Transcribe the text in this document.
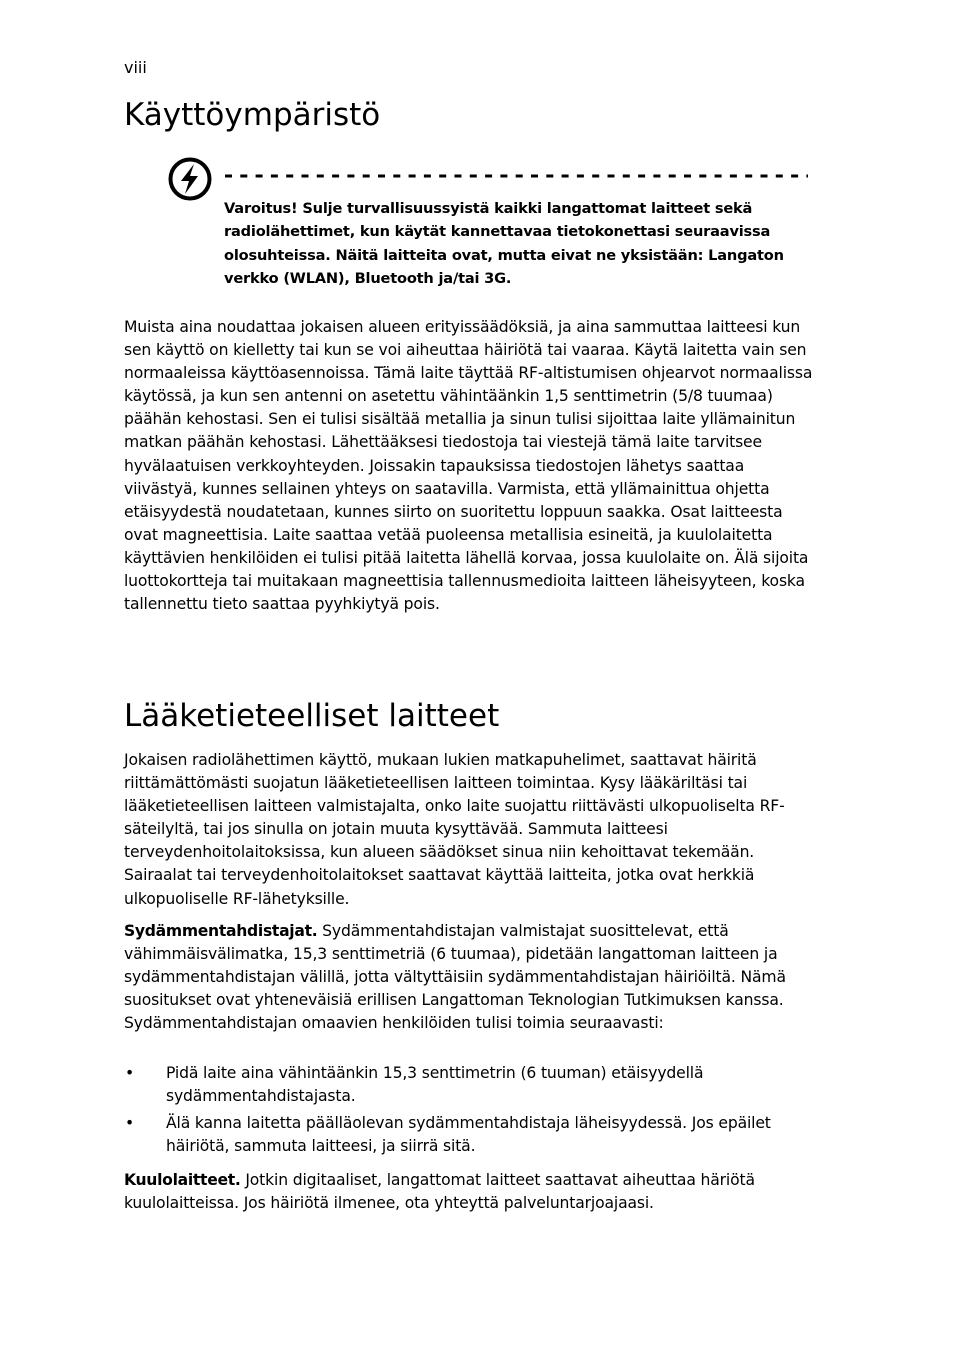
viii
Käyttöympäristö
Varoitus! Sulje turvallisuussyistä kaikki langattomat laitteet sekä radiolähettimet, kun käytät kannettavaa tietokonettasi seuraavissa olosuhteissa. Näitä laitteita ovat, mutta eivat ne yksistään: Langaton verkko (WLAN), Bluetooth ja/tai 3G.

Muista aina noudattaa jokaisen alueen erityissäädöksiä, ja aina sammuttaa laitteesi kun sen käyttö on kielletty tai kun se voi aiheuttaa häiriötä tai vaaraa. Käytä laitetta vain sen normaaleissa käyttöasennoissa. Tämä laite täyttää RF-altistumisen ohjearvot normaalissa käytössä, ja kun sen antenni on asetettu vähintäänkin 1,5 senttimetrin (5/8 tuumaa) päähän kehostasi. Sen ei tulisi sisältää metallia ja sinun tulisi sijoittaa laite yllämainitun matkan päähän kehostasi. Lähettääksesi tiedostoja tai viestejä tämä laite tarvitsee hyvälaatuisen verkkoyhteyden. Joissakin tapauksissa tiedostojen lähetys saattaa viivästyä, kunnes sellainen yhteys on saatavilla. Varmista, että yllämainittua ohjetta etäisyydestä noudatetaan, kunnes siirto on suoritettu loppuun saakka. Osat laitteesta ovat magneettisia. Laite saattaa vetää puoleensa metallisia esineitä, ja kuulolaitetta käyttävien henkilöiden ei tulisi pitää laitetta lähellä korvaa, jossa kuulolaite on. Älä sijoita luottokortteja tai muitakaan magneettisia tallennusmedioita laitteen läheisyyteen, koska tallennettu tieto saattaa pyyhkiytyä pois.

Lääketieteelliset laitteet

Jokaisen radiolähettimen käyttö, mukaan lukien matkapuhelimet, saattavat häiritä riittämättömästi suojatun lääketieteellisen laitteen toimintaa. Kysy lääkäriltäsi tai lääketieteellisen laitteen valmistajalta, onko laite suojattu riittävästi ulkopuoliselta RF-säteilyltä, tai jos sinulla on jotain muuta kysyttävää. Sammuta laitteesi terveydenhoitolaitoksissa, kun alueen säädökset sinua niin kehoittavat tekemään. Sairaalat tai terveydenhoitolaitokset saattavat käyttää laitteita, jotka ovat herkkiä ulkopuoliselle RF-lähetyksille.

Sydämmentahdistajat. Sydämmentahdistajan valmistajat suosittelevat, että vähimmäisvälimatka, 15,3 senttimetriä (6 tuumaa), pidetään langattoman laitteen ja sydämmentahdistajan välillä, jotta vältyttäisiin sydämmentahdistajan häiriöiltä. Nämä suositukset ovat yhteneväisiä erillisen Langattoman Teknologian Tutkimuksen kanssa. Sydämmentahdistajan omaavien henkilöiden tulisi toimia seuraavasti:

• Pidä laite aina vähintäänkin 15,3 senttimetrin (6 tuuman) etäisyydellä sydämmentahdistajasta.
• Älä kanna laitetta päälläolevan sydämmentahdistaja läheisyydessä. Jos epäilet häiriötä, sammuta laitteesi, ja siirrä sitä.

Kuulolaitteet. Jotkin digitaaliset, langattomat laitteet saattavat aiheuttaa häriötä kuulolaitteissa. Jos häiriötä ilmenee, ota yhteyttä palveluntarjoajaasi.
